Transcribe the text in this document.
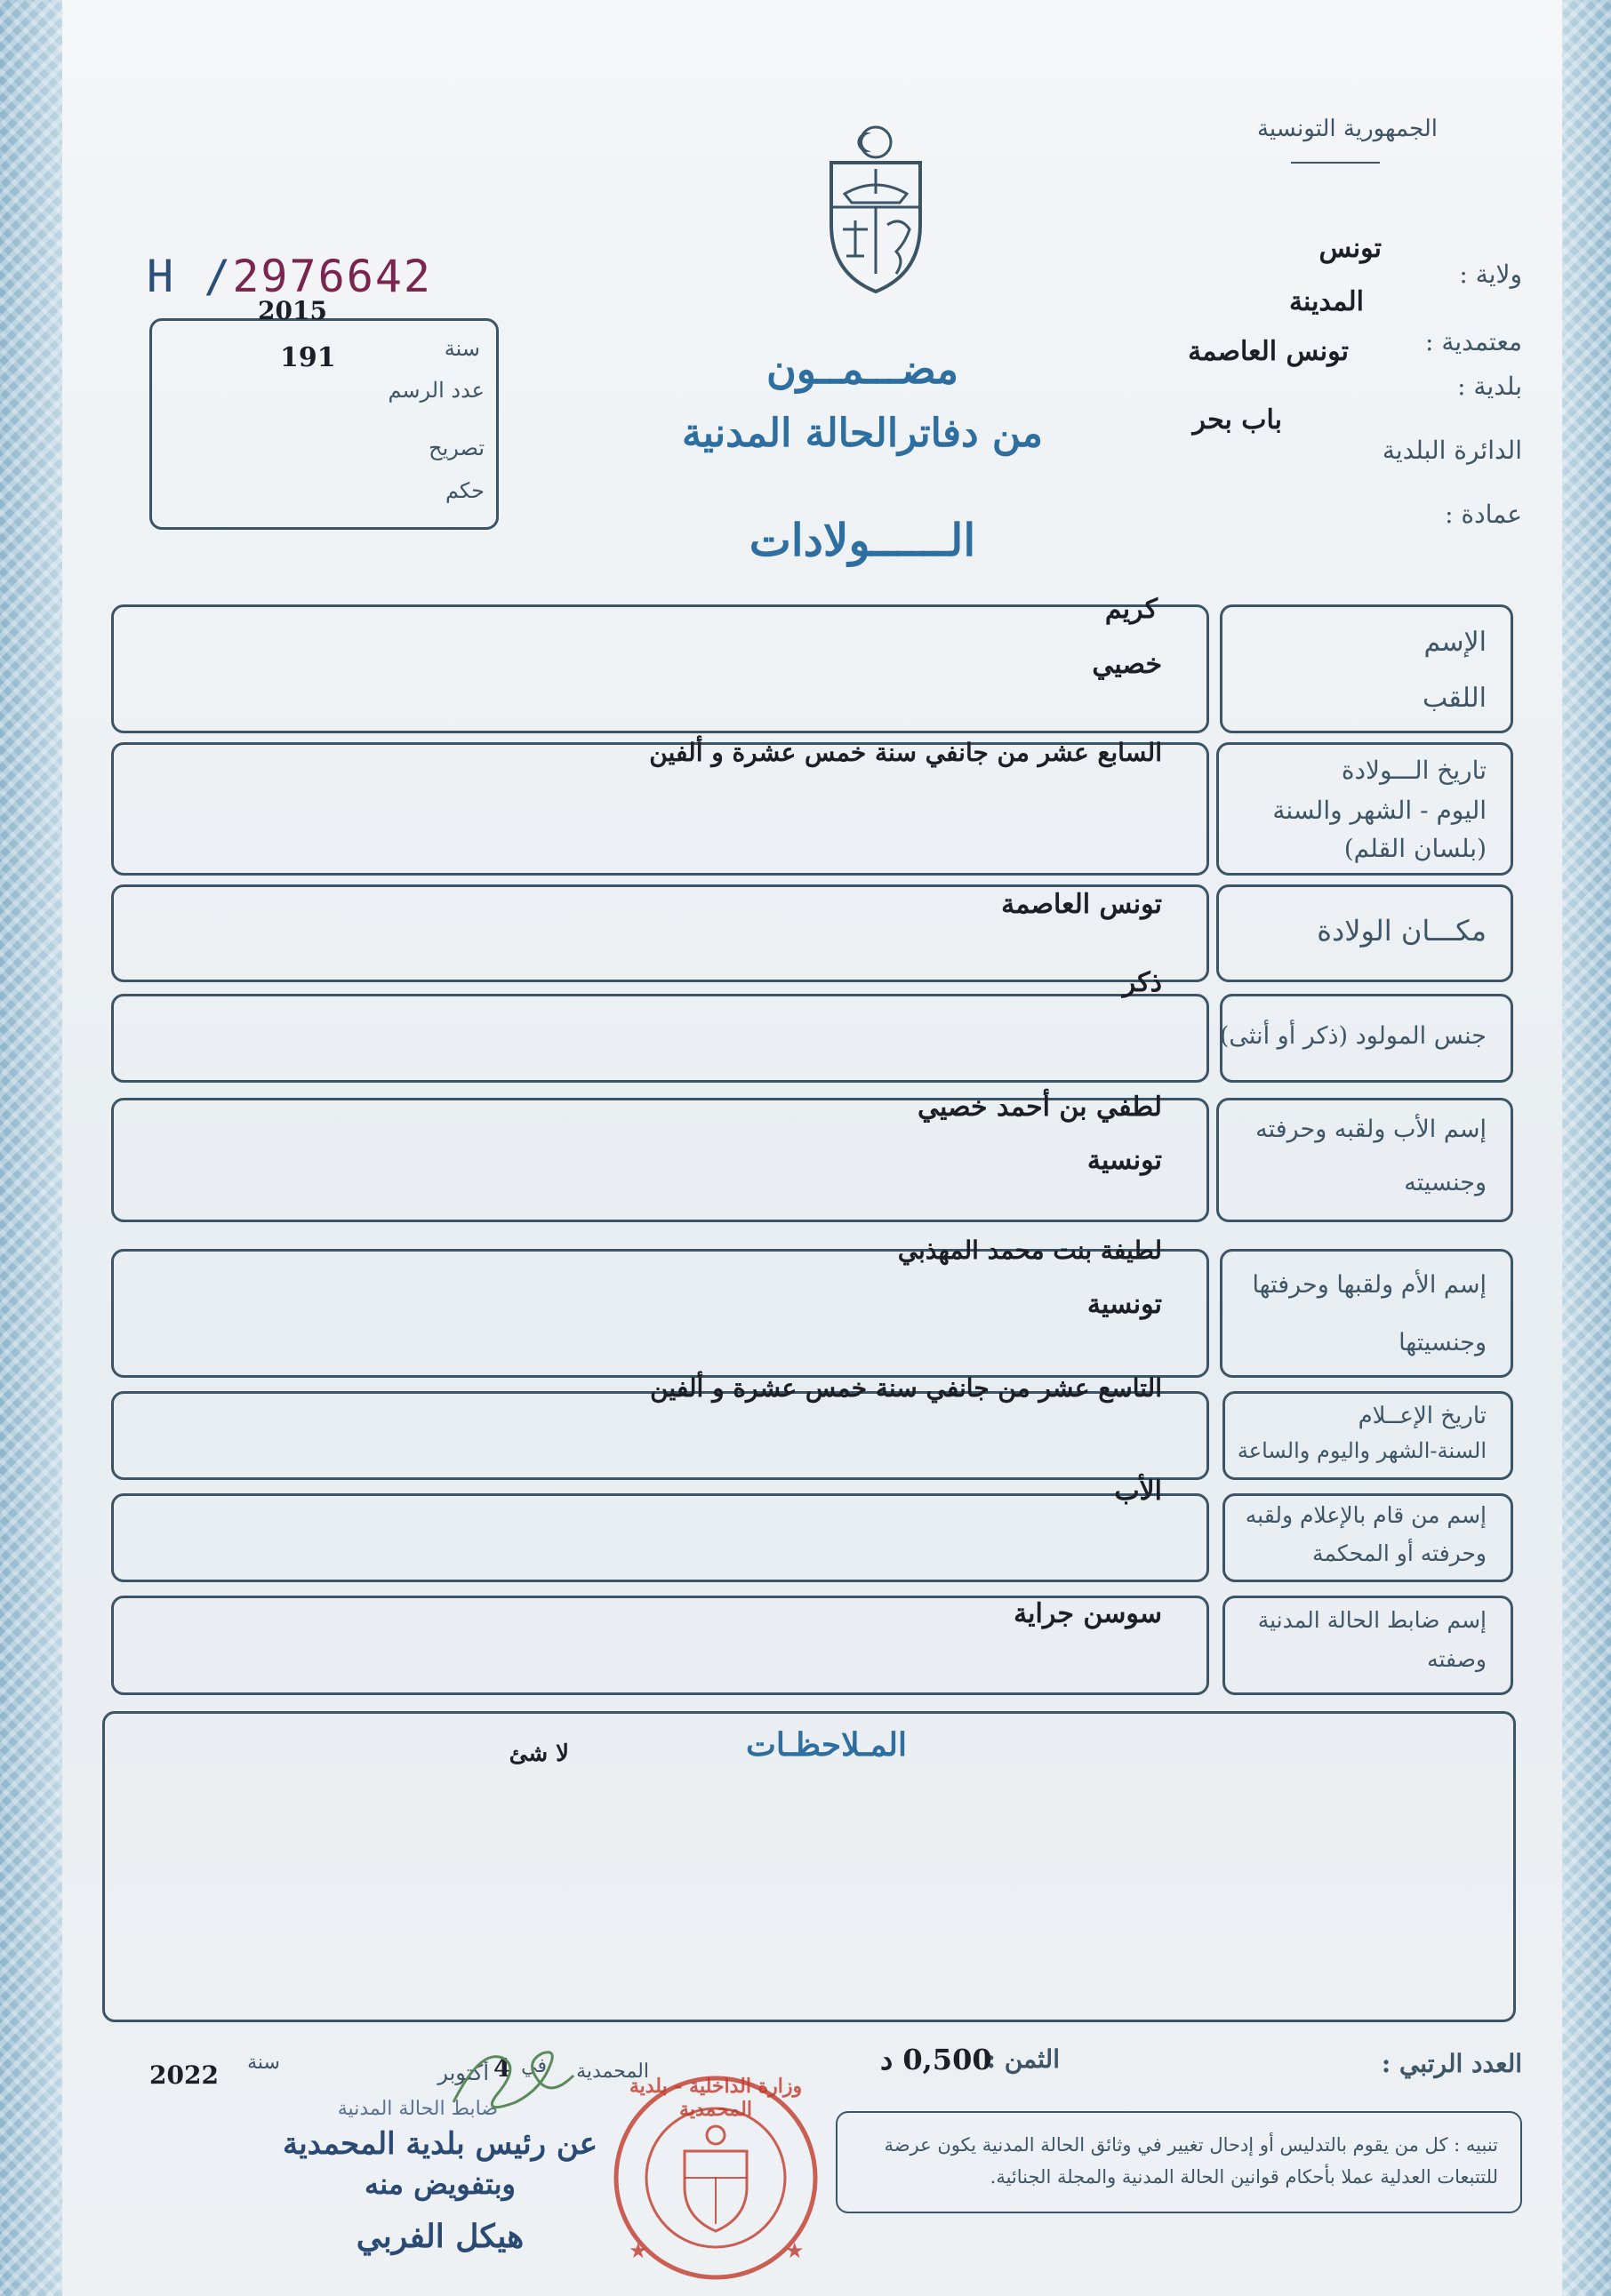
الجمهورية التونسية
ولاية :
تونس
المدينة
معتمدية :
تونس العاصمة
بلدية :
باب بحر
الدائرة البلدية
عمادة :
H /2976642
2015
سنة
191
عدد الرسم
تصريح
حكم
مضـــمــون
من دفاترالحالة المدنية
الــــــولادات
الإسم
اللقب
كريم
خصيي
تاريخ الـــولادة
اليوم - الشهر والسنة
(بلسان القلم)
السابع عشر من جانفي سنة خمس عشرة و ألفين
مكـــان الولادة
تونس العاصمة
جنس المولود (ذكر أو أنثى)
ذكر
إسم الأب ولقبه وحرفته
وجنسيته
لطفي بن أحمد خصيي
تونسية
إسم الأم ولقبها وحرفتها
وجنسيتها
لطيفة بنت محمد المهذبي
تونسية
تاريخ الإعــلام
السنة-الشهر واليوم والساعة
التاسع عشر من جانفي سنة خمس عشرة و ألفين
إسم من قام بالإعلام ولقبه
وحرفته أو المحكمة
الأب
إسم ضابط الحالة المدنية
وصفته
سوسن جراية
المـلاحظـات
لا شئ
العدد الرتبي :
الثمن :
0,500 د
المحمدية
في
4
أكتوبر
سنة
2022
تنبيه : كل من يقوم بالتدليس أو إدحال تغيير في وثائق الحالة المدنية يكون عرضة للتتبعات العدلية عملا بأحكام قوانين الحالة المدنية والمجلة الجنائية.
★	★
وزارة الداخلية - بلدية المحمدية
ضابط الحالة المدنية
عن رئيس بلدية المحمدية
وبتفويض منه
هيكل الفربي
